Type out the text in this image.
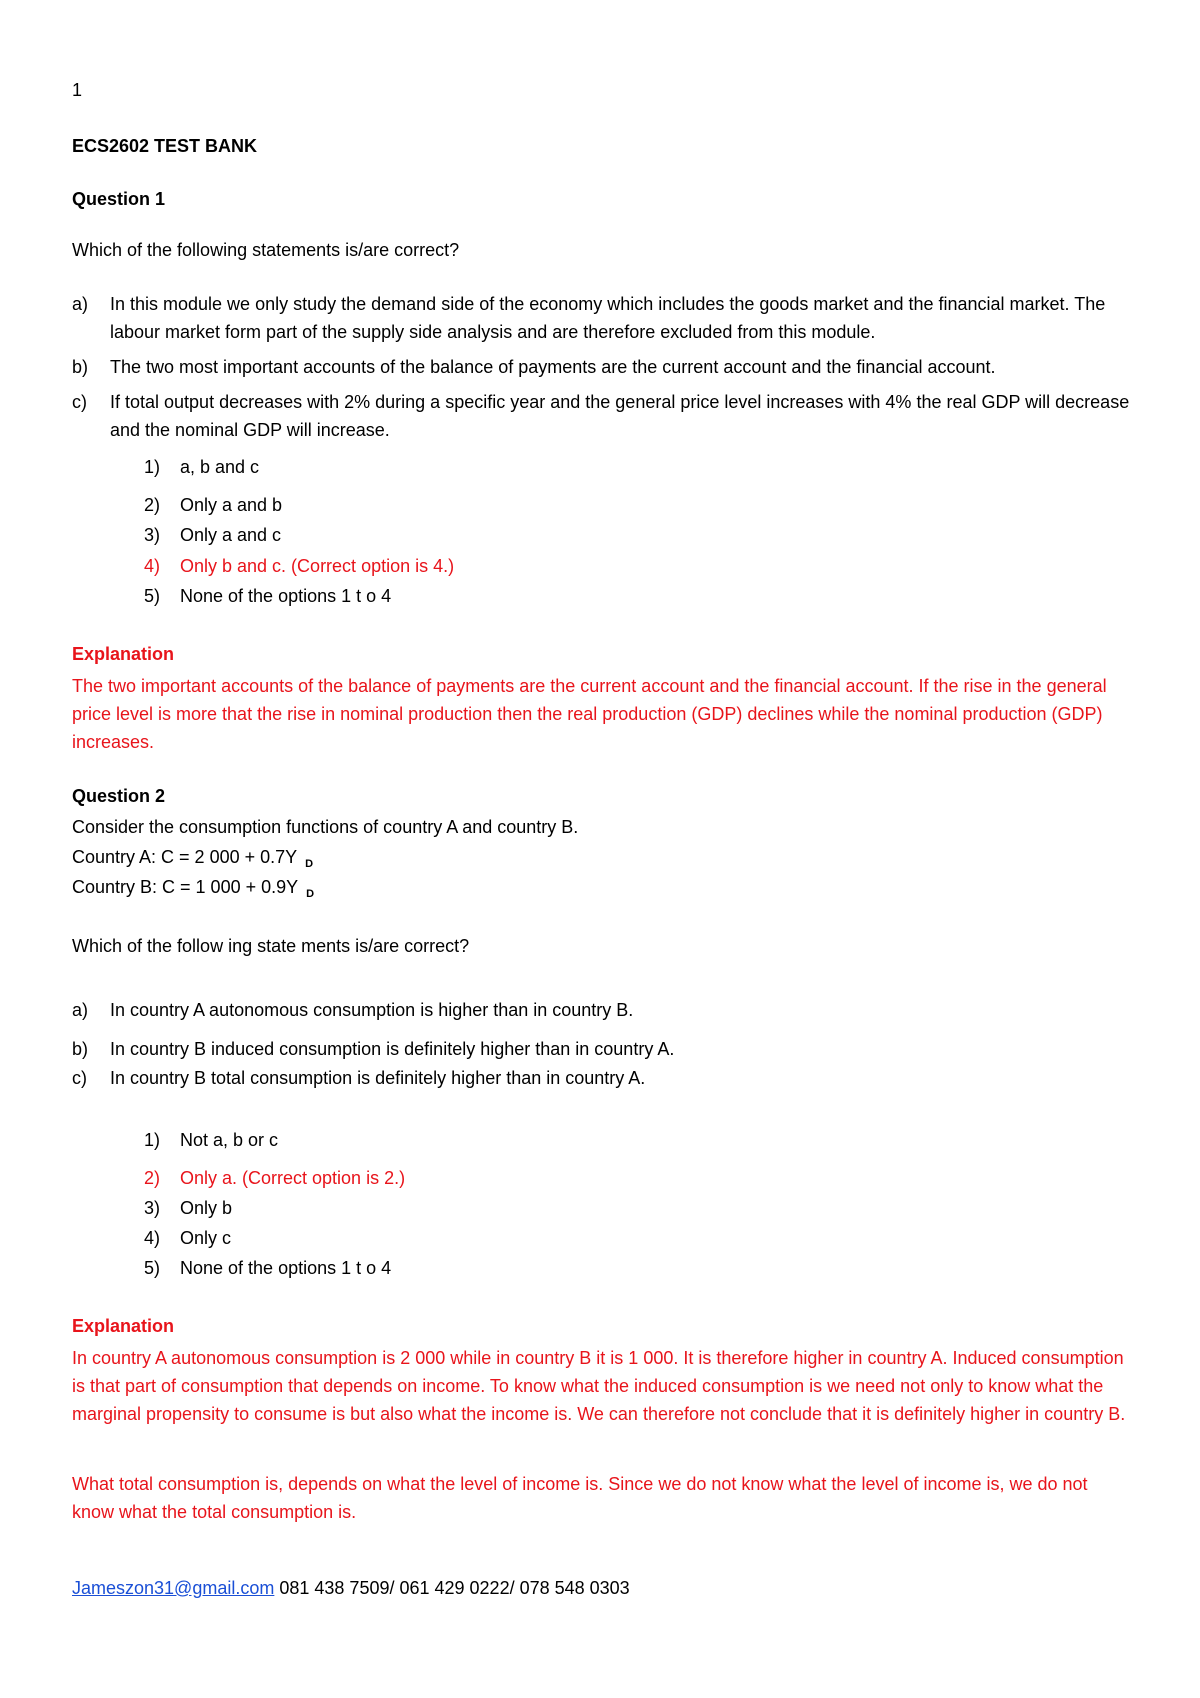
1
ECS2602 TEST BANK
Question 1
Which of the following statements is/are correct?
a)	In this module we only study the demand side of the economy which includes the goods market and the financial market. The labour market form part of the supply side analysis and are therefore excluded from this module.
b)	The two most important accounts of the balance of payments are the current account and the financial account.
c)	If total output decreases with 2% during a specific year and the general price level increases with 4% the real GDP will decrease and the nominal GDP will increase.
1) a, b and c
2) Only a and b
3) Only a and c
4) Only b and c. (Correct option is 4.)
5) None of the options 1 t o 4
Explanation
The two important accounts of the balance of payments are the current account and the financial account. If the rise in the general price level is more that the rise in nominal production then the real production (GDP) declines while the nominal production (GDP) increases.
Question 2
Consider the consumption functions of country A and country B.
Country A: C = 2 000 + 0.7Y $_D$
Country B: C = 1 000 + 0.9Y $_D$
Which of the follow ing state ments is/are correct?
a)	In country A autonomous consumption is higher than in country B.
b)	In country B induced consumption is definitely higher than in country A.
c)	In country B total consumption is definitely higher than in country A.
1) Not a, b or c
2) Only a. (Correct option is 2.)
3) Only b
4) Only c
5) None of the options 1 t o 4
Explanation
In country A autonomous consumption is 2 000 while in country B it is 1 000. It is therefore higher in country A. Induced consumption is that part of consumption that depends on income. To know what the induced consumption is we need not only to know what the marginal propensity to consume is but also what the income is. We can therefore not conclude that it is definitely higher in country B.
What total consumption is, depends on what the level of income is. Since we do not know what the level of income is, we do not know what the total consumption is.
Jameszon31@gmail.com 081 438 7509/ 061 429 0222/ 078 548 0303
